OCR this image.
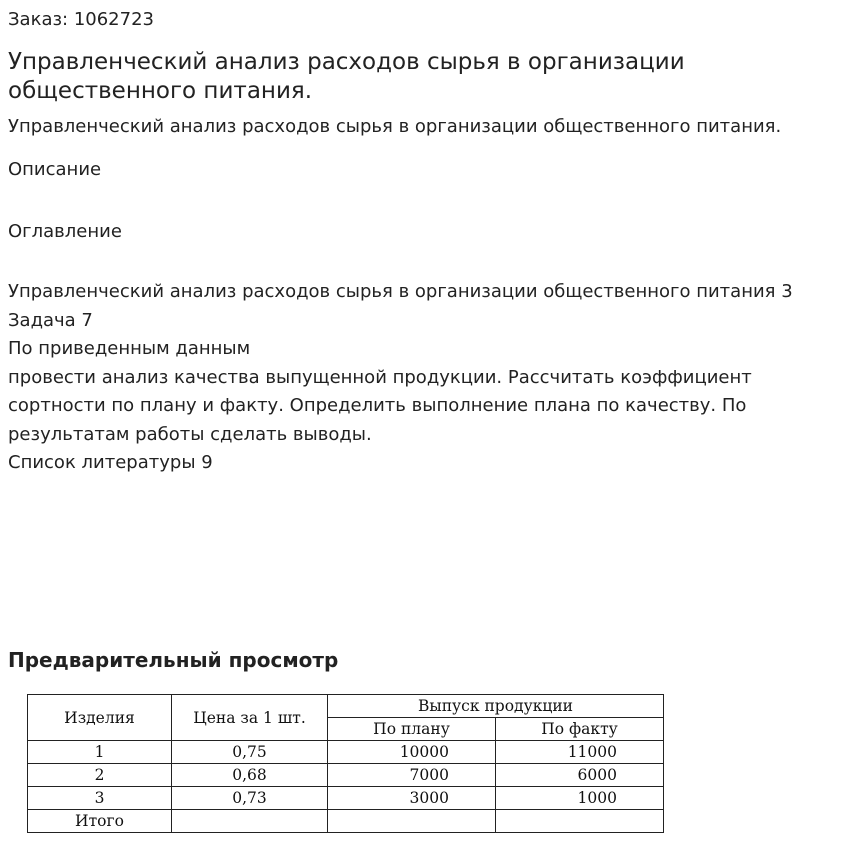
Заказ: 1062723
Управленческий анализ расходов сырья в организации общественного питания.
Управленческий анализ расходов сырья в организации общественного питания.
Описание
Оглавление
Управленческий анализ расходов сырья в организации общественного питания 3
Задача 7
По приведенным данным
провести анализ качества выпущенной продукции. Рассчитать коэффициент
сортности по плану и факту. Определить выполнение плана по качеству. По
результатам работы сделать выводы.
Список литературы 9
Предварительный просмотр
Изделия	Цена за 1 шт.	Выпуск продукции	
		По плану	По факту
1	0,75	10000	11000
2	0,68	7000	6000
3	0,73	3000	1000
Итого			
